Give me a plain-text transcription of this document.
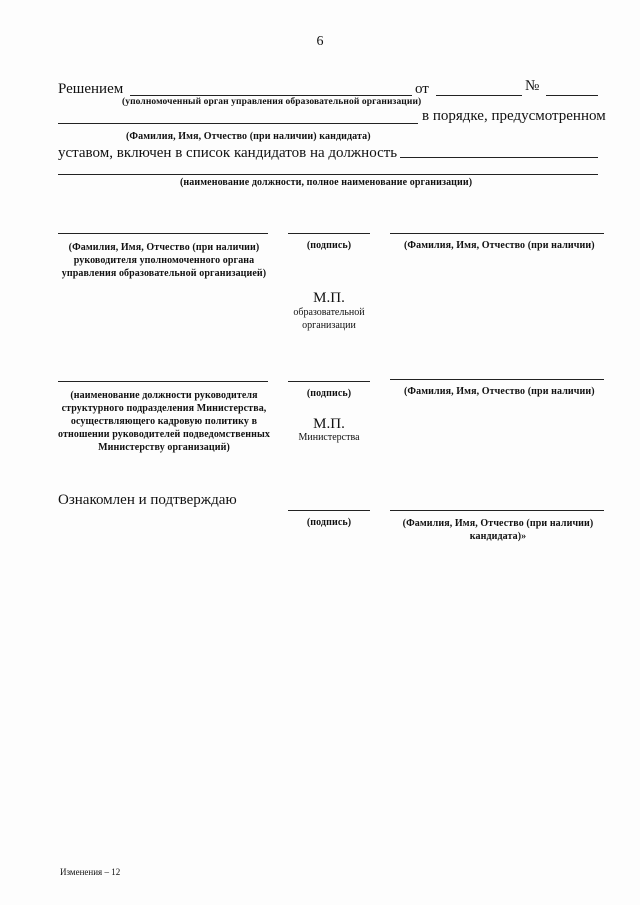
6
Решением	от	№
(уполномоченный орган управления образовательной организации)
в порядке, предусмотренном
(Фамилия, Имя, Отчество (при наличии) кандидата)
уставом, включен в список кандидатов на должность
(наименование должности, полное наименование организации)
(Фамилия, Имя, Отчество (при наличии) руководителя уполномоченного органа управления образовательной организацией)
(подпись)	(Фамилия, Имя, Отчество (при наличии)
М.П.
образовательной организации
(наименование должности руководителя структурного подразделения Министерства, осуществляющего кадровую политику в отношении руководителей подведомственных Министерству организаций)
(подпись)	(Фамилия, Имя, Отчество (при наличии)
М.П.
Министерства
Ознакомлен и подтверждаю
(подпись)	(Фамилия, Имя, Отчество (при наличии) кандидата)»
Изменения – 12
